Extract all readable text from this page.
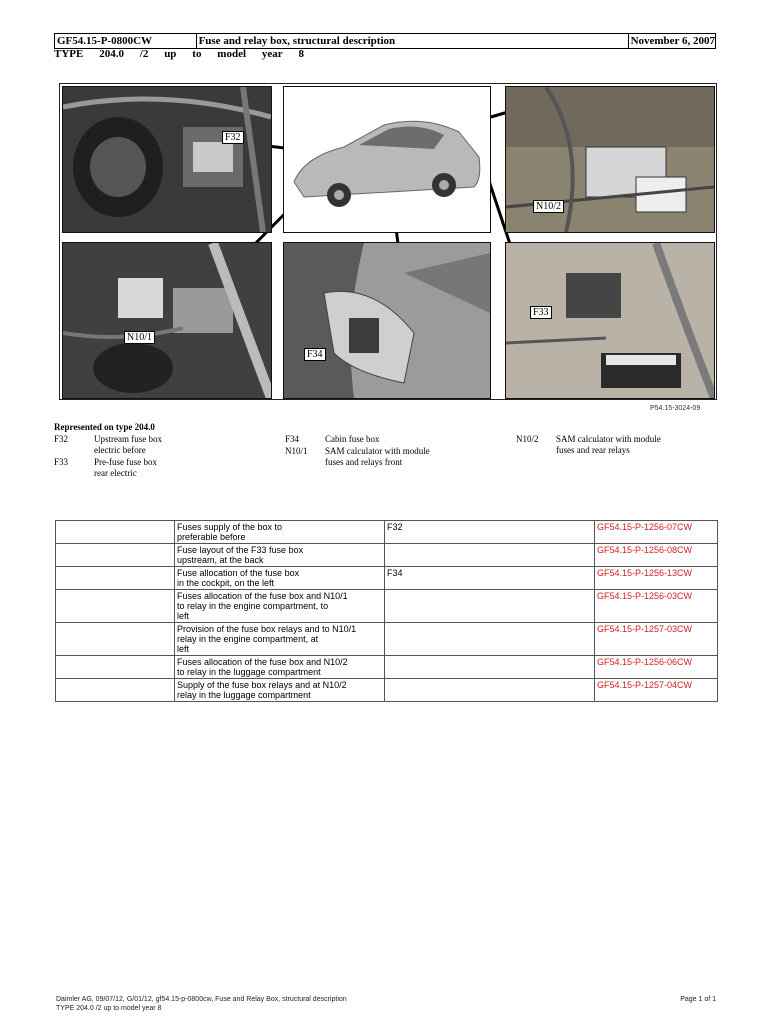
GF54.15-P-0800CW	Fuse and relay box, structural description	November 6, 2007
TYPE 204.0 /2 up to model year 8
F32
N10/2
N10/1
F34
F33
P54.15-3024-09
Represented on type 204.0
F32	Upstream fuse box
electric before
F33	Pre-fuse fuse box
rear electric
F34	Cabin fuse box
N10/1 SAM calculator with module
fuses and relays front
N10/2 SAM calculator with module
fuses and rear relays

	Fuses supply of the box to
preferable before	F32	GF54.15-P-1256-07CW

	Fuse layout of the F33 fuse box
upstream, at the back		GF54.15-P-1256-08CW

	Fuse allocation of the fuse box
in the cockpit, on the left	F34	GF54.15-P-1256-13CW

	Fuses allocation of the fuse box and N10/1
to relay in the engine compartment, to
left		GF54.15-P-1256-03CW

	Provision of the fuse box relays and to N10/1
relay in the engine compartment, at
left		GF54.15-P-1257-03CW

	Fuses allocation of the fuse box and N10/2
to relay in the luggage compartment		GF54.15-P-1256-06CW

	Supply of the fuse box relays and at N10/2
relay in the luggage compartment		GF54.15-P-1257-04CW
Daimler AG, 09/07/12, G/01/12, gf54.15-p-0800cw, Fuse and Relay Box, structural description
TYPE 204.0 /2 up to model year 8
Page 1 of 1
